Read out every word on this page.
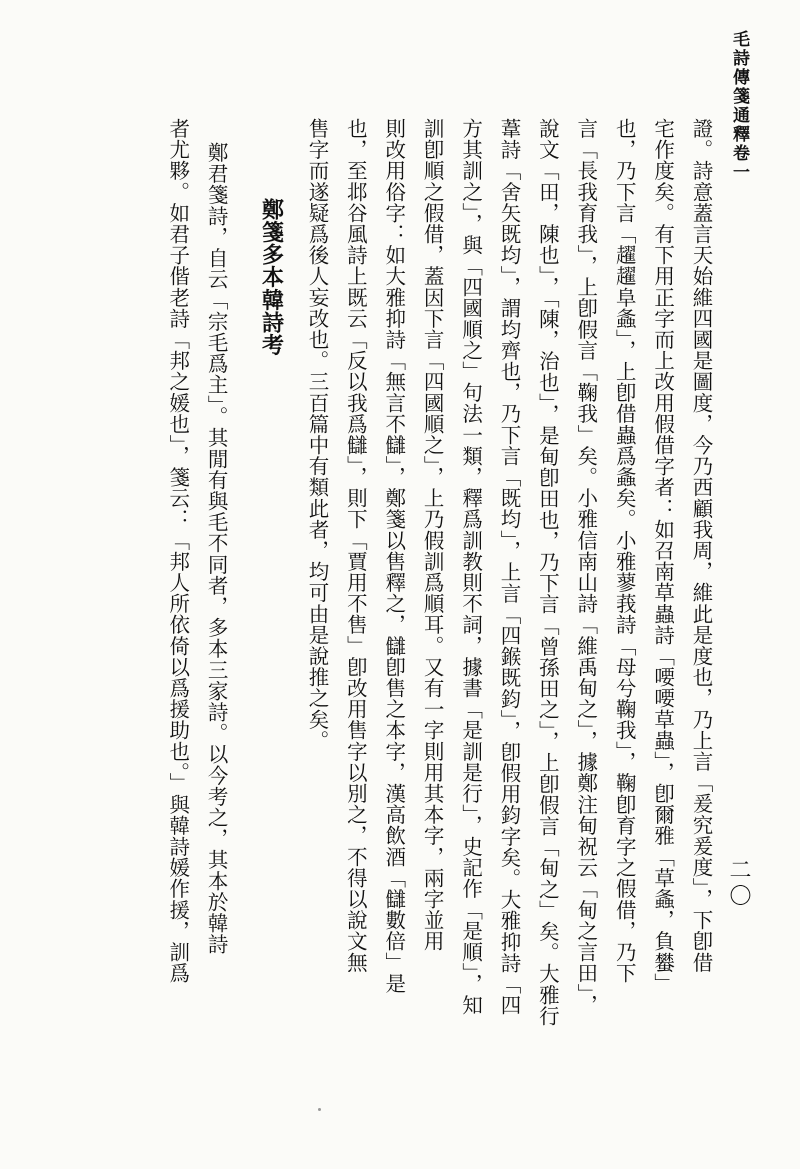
毛詩傳箋通釋卷一
二〇
證。詩意蓋言天始維四國是圖度，今乃西顧我周，維此是度也，乃上言「爰究爰度」，下卽借
宅作度矣。有下用正字而上改用假借字者：如召南草蟲詩「喓喓草蟲」，卽爾雅「草螽，負蠜」
也，乃下言「趯趯阜螽」，上卽借蟲爲螽矣。小雅蓼莪詩「母兮鞠我」，鞠卽育字之假借，乃下
言「長我育我」，上卽假言「鞠我」矣。小雅信南山詩「維禹甸之」，據鄭注甸祝云「甸之言田」，
說文「田，陳也」，「陳，治也」，是甸卽田也，乃下言「曾孫田之」，上卽假言「甸之」矣。大雅行
葦詩「舍矢既均」，謂均齊也，乃下言「既均」，上言「四鍭既鈞」，卽假用鈞字矣。大雅抑詩「四
方其訓之」，與「四國順之」句法一類，釋爲訓教則不詞，據書「是訓是行」，史記作「是順」，知
訓卽順之假借，蓋因下言「四國順之」，上乃假訓爲順耳。又有一字則用其本字，兩字並用
則改用俗字：如大雅抑詩「無言不讎」，鄭箋以售釋之，讎卽售之本字，漢高飲酒「讎數倍」是
也，至邶谷風詩上既云「反以我爲讎」，則下「賈用不售」卽改用售字以別之，不得以說文無
售字而遂疑爲後人妄改也。三百篇中有類此者，均可由是說推之矣。
鄭箋多本韓詩考
鄭君箋詩，自云「宗毛爲主」。其閒有與毛不同者，多本三家詩。以今考之，其本於韓詩
者尤夥。如君子偕老詩「邦之媛也」，箋云：「邦人所依倚以爲援助也。」與韓詩媛作援，訓爲
